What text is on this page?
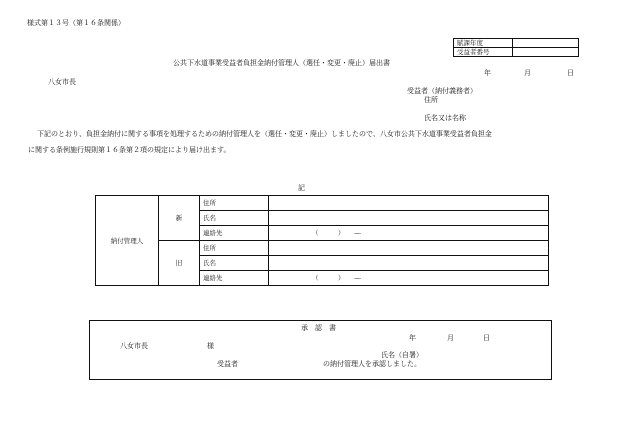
様式第１３号（第１６条関係）
賦課年度	
受益者番号	
公共下水道事業受益者負担金納付管理人（選任・変更・廃止）届出書
年	月	日
八女市長
受益者（納付義務者）
住所
氏名又は名称
下記のとおり、負担金納付に関する事項を処理するための納付管理人を（選任・変更・廃止）しましたので、八女市公共下水道事業受益者負担金
に関する条例施行規則第１６条第２項の規定により届け出ます。
記
納付管理人	新	住所	
		氏名	
		連絡先	（　　　）　　―
	旧	住所	
		氏名	
		連絡先	（　　　）　　―
承　認　書
年	月	日
八女市長	様
氏名（自署）
受益者	の納付管理人を承認しました。
